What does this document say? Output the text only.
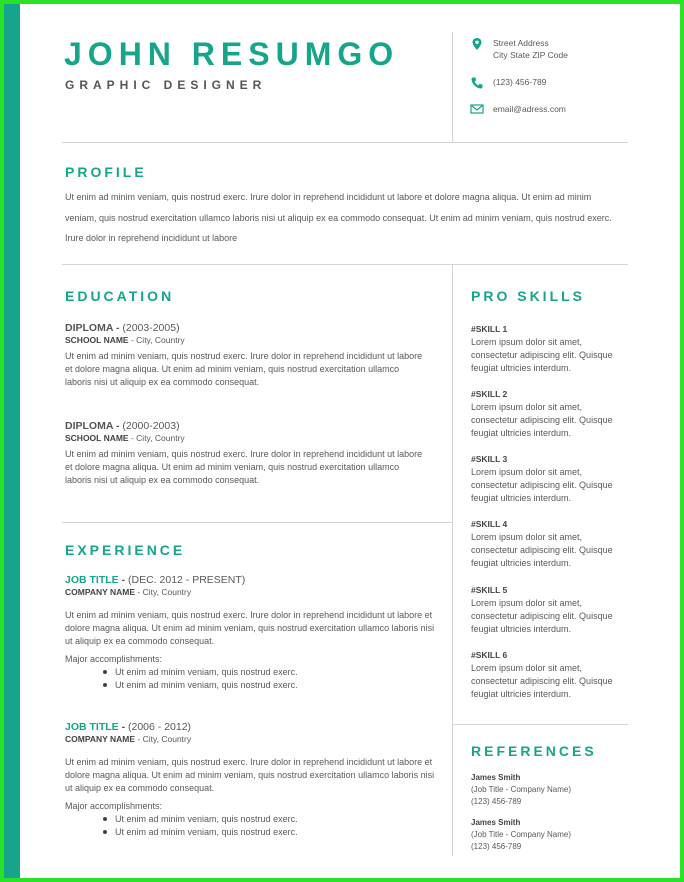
JOHN RESUMGO
GRAPHIC DESIGNER
Street Address
City State ZIP Code
(123) 456-789
email@adress.com
PROFILE
Ut enim ad minim veniam, quis nostrud exerc. Irure dolor in reprehend incididunt ut labore et dolore magna aliqua. Ut enim ad minim veniam, quis nostrud exercitation ullamco laboris nisi ut aliquip ex ea commodo consequat. Ut enim ad minim veniam, quis nostrud exerc. Irure dolor in reprehend incididunt ut labore
EDUCATION
DIPLOMA - (2003-2005)
SCHOOL NAME - City, Country
Ut enim ad minim veniam, quis nostrud exerc. Irure dolor in reprehend incididunt ut labore et dolore magna aliqua. Ut enim ad minim veniam, quis nostrud exercitation ullamco laboris nisi ut aliquip ex ea commodo consequat.
DIPLOMA - (2000-2003)
SCHOOL NAME - City, Country
Ut enim ad minim veniam, quis nostrud exerc. Irure dolor in reprehend incididunt ut labore et dolore magna aliqua. Ut enim ad minim veniam, quis nostrud exercitation ullamco laboris nisi ut aliquip ex ea commodo consequat.
EXPERIENCE
JOB TITLE - (DEC. 2012 - PRESENT)
COMPANY NAME - City, Country
Ut enim ad minim veniam, quis nostrud exerc. Irure dolor in reprehend incididunt ut labore et dolore magna aliqua. Ut enim ad minim veniam, quis nostrud exercitation ullamco laboris nisi ut aliquip ex ea commodo consequat.
Major accomplishments:
Ut enim ad minim veniam, quis nostrud exerc.
Ut enim ad minim veniam, quis nostrud exerc.
JOB TITLE - (2006 - 2012)
COMPANY NAME - City, Country
Ut enim ad minim veniam, quis nostrud exerc. Irure dolor in reprehend incididunt ut labore et dolore magna aliqua. Ut enim ad minim veniam, quis nostrud exercitation ullamco laboris nisi ut aliquip ex ea commodo consequat.
Major accomplishments:
Ut enim ad minim veniam, quis nostrud exerc.
Ut enim ad minim veniam, quis nostrud exerc.
PRO SKILLS
#SKILL 1
Lorem ipsum dolor sit amet, consectetur adipiscing elit. Quisque feugiat ultricies interdum.
#SKILL 2
Lorem ipsum dolor sit amet, consectetur adipiscing elit. Quisque feugiat ultricies interdum.
#SKILL 3
Lorem ipsum dolor sit amet, consectetur adipiscing elit. Quisque feugiat ultricies interdum.
#SKILL 4
Lorem ipsum dolor sit amet, consectetur adipiscing elit. Quisque feugiat ultricies interdum.
#SKILL 5
Lorem ipsum dolor sit amet, consectetur adipiscing elit. Quisque feugiat ultricies interdum.
#SKILL 6
Lorem ipsum dolor sit amet, consectetur adipiscing elit. Quisque feugiat ultricies interdum.
REFERENCES
James Smith
(Job Title - Company Name)
(123) 456-789
James Smith
(Job Title - Company Name)
(123) 456-789
